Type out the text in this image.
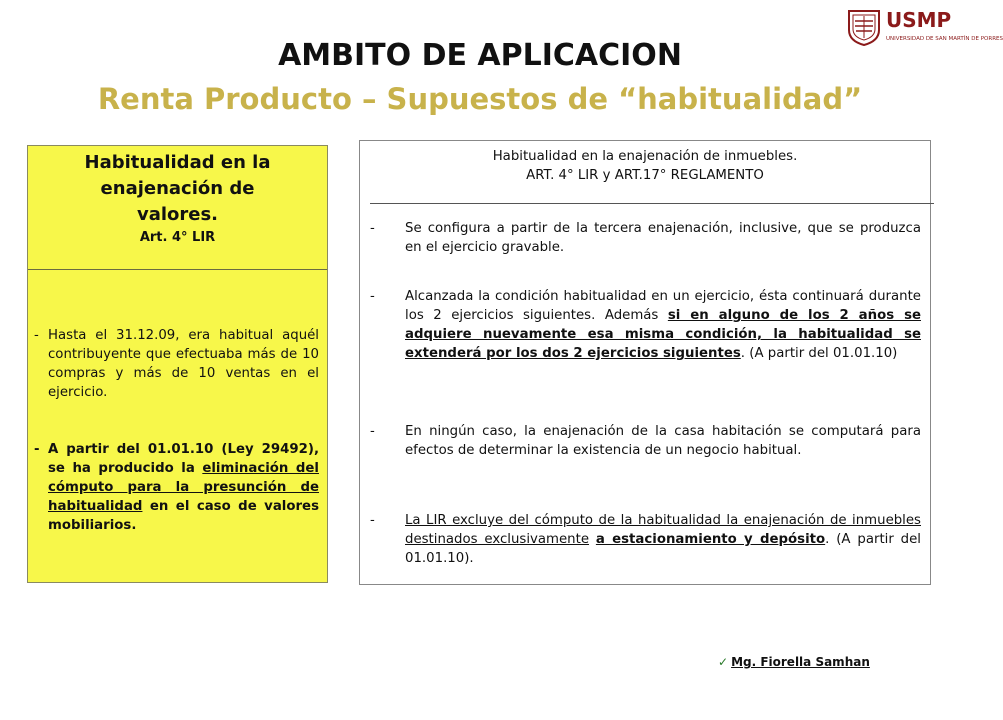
USMP
UNIVERSIDAD DE SAN MARTÍN DE PORRES
AMBITO DE APLICACION
Renta Producto – Supuestos de “habitualidad”
Habitualidad en la enajenación de valores.
Art. 4° LIR
- Hasta el 31.12.09, era habitual aquél contribuyente que efectuaba más de 10 compras y más de 10 ventas en el ejercicio.
- A partir del 01.01.10 (Ley 29492), se ha producido la eliminación del cómputo para la presunción de habitualidad en el caso de valores mobiliarios.
Habitualidad en la enajenación de inmuebles.
ART. 4° LIR y ART.17° REGLAMENTO
-	Se configura a partir de la tercera enajenación, inclusive, que se produzca en el ejercicio gravable.
-	Alcanzada la condición habitualidad en un ejercicio, ésta continuará durante los 2 ejercicios siguientes. Además si en alguno de los 2 años se adquiere nuevamente esa misma condición, la habitualidad se extenderá por los dos 2 ejercicios siguientes. (A partir del 01.01.10)
-	En ningún caso, la enajenación de la casa habitación se computará para efectos de determinar la existencia de un negocio habitual.
-	La LIR excluye del cómputo de la habitualidad la enajenación de inmuebles destinados exclusivamente a estacionamiento y depósito. (A partir del 01.01.10).
✓ Mg. Fiorella Samhan
